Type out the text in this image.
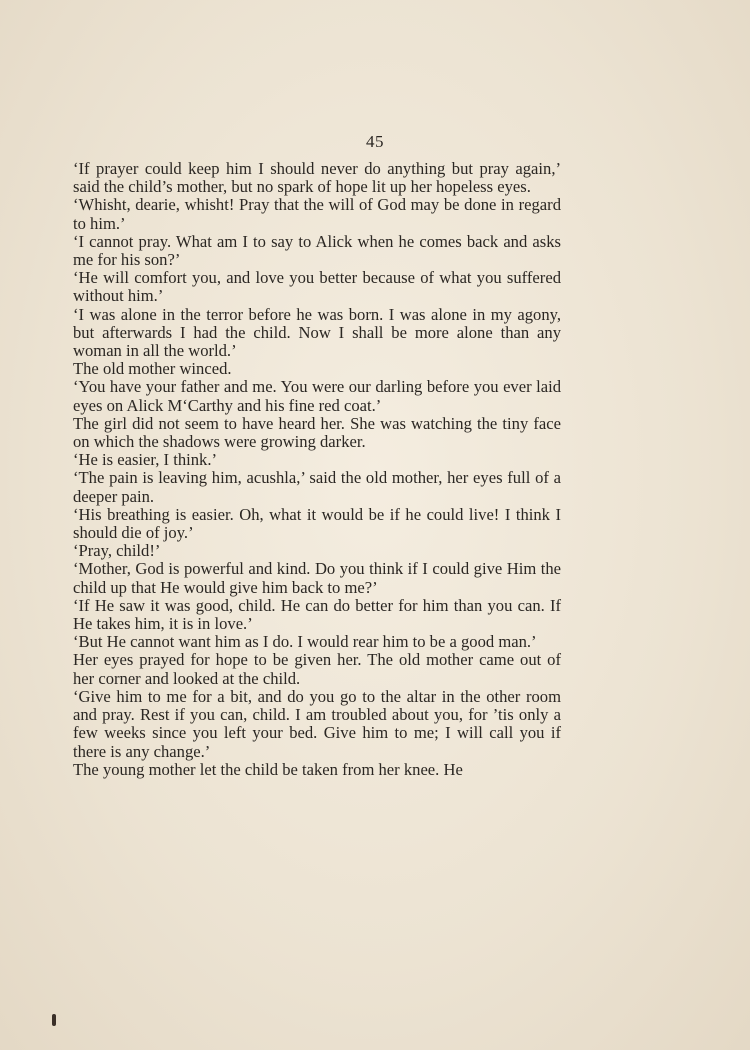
45

‘If prayer could keep him I should never do anything but pray again,’ said the child’s mother, but no spark of hope lit up her hopeless eyes.

‘Whisht, dearie, whisht! Pray that the will of God may be done in regard to him.’

‘I cannot pray. What am I to say to Alick when he comes back and asks me for his son?’

‘He will comfort you, and love you better because of what you suffered without him.’

‘I was alone in the terror before he was born. I was alone in my agony, but afterwards I had the child. Now I shall be more alone than any woman in all the world.’

The old mother winced.

‘You have your father and me. You were our darling before you ever laid eyes on Alick M‘Carthy and his fine red coat.’

The girl did not seem to have heard her. She was watching the tiny face on which the shadows were growing darker.

‘He is easier, I think.’

‘The pain is leaving him, acushla,’ said the old mother, her eyes full of a deeper pain.

‘His breathing is easier. Oh, what it would be if he could live! I think I should die of joy.’

‘Pray, child!’

‘Mother, God is powerful and kind. Do you think if I could give Him the child up that He would give him back to me?’

‘If He saw it was good, child. He can do better for him than you can. If He takes him, it is in love.’

‘But He cannot want him as I do. I would rear him to be a good man.’

Her eyes prayed for hope to be given her. The old mother came out of her corner and looked at the child.

‘Give him to me for a bit, and do you go to the altar in the other room and pray. Rest if you can, child. I am troubled about you, for ’tis only a few weeks since you left your bed. Give him to me; I will call you if there is any change.’

The young mother let the child be taken from her knee. He
